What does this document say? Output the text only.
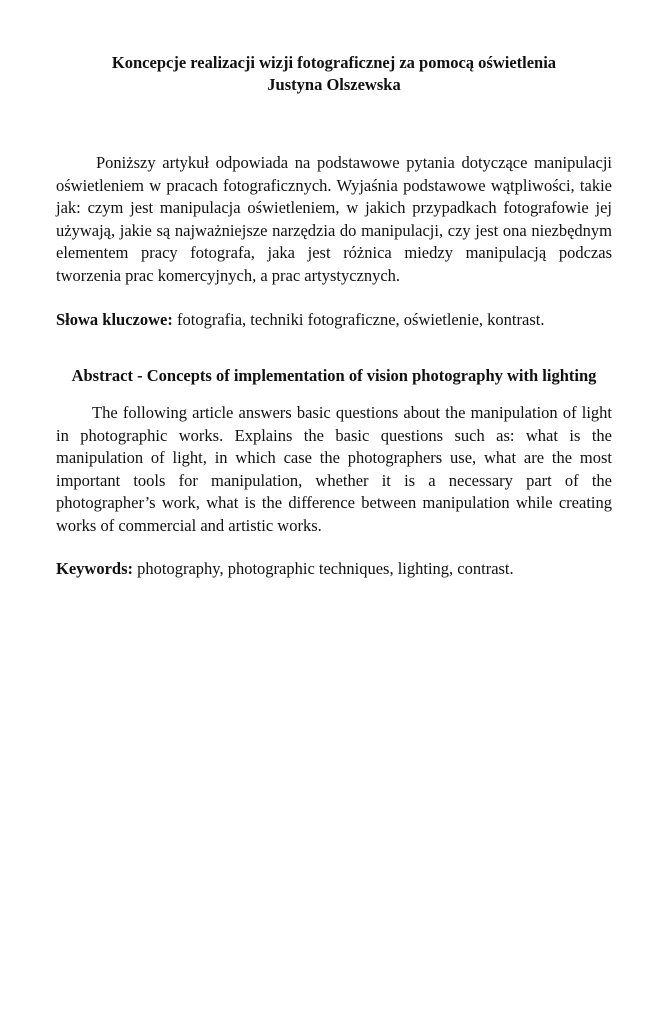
Koncepcje realizacji wizji fotograficznej za pomocą oświetlenia
Justyna Olszewska

Poniższy artykuł odpowiada na podstawowe pytania dotyczące manipulacji oświetleniem w pracach fotograficznych. Wyjaśnia podstawowe wątpliwości, takie jak: czym jest manipulacja oświetleniem, w jakich przypadkach fotografowie jej używają, jakie są najważniejsze narzędzia do manipulacji, czy jest ona niezbędnym elementem pracy fotografa, jaka jest różnica miedzy manipulacją podczas tworzenia prac komercyjnych, a prac artystycznych.

Słowa kluczowe: fotografia, techniki fotograficzne, oświetlenie, kontrast.

Abstract - Concepts of implementation of vision photography with lighting

The following article answers basic questions about the manipulation of light in photographic works. Explains the basic questions such as: what is the manipulation of light, in which case the photographers use, what are the most important tools for manipulation, whether it is a necessary part of the photographer’s work, what is the difference between manipulation while creating works of commercial and artistic works.

Keywords: photography, photographic techniques, lighting, contrast.
